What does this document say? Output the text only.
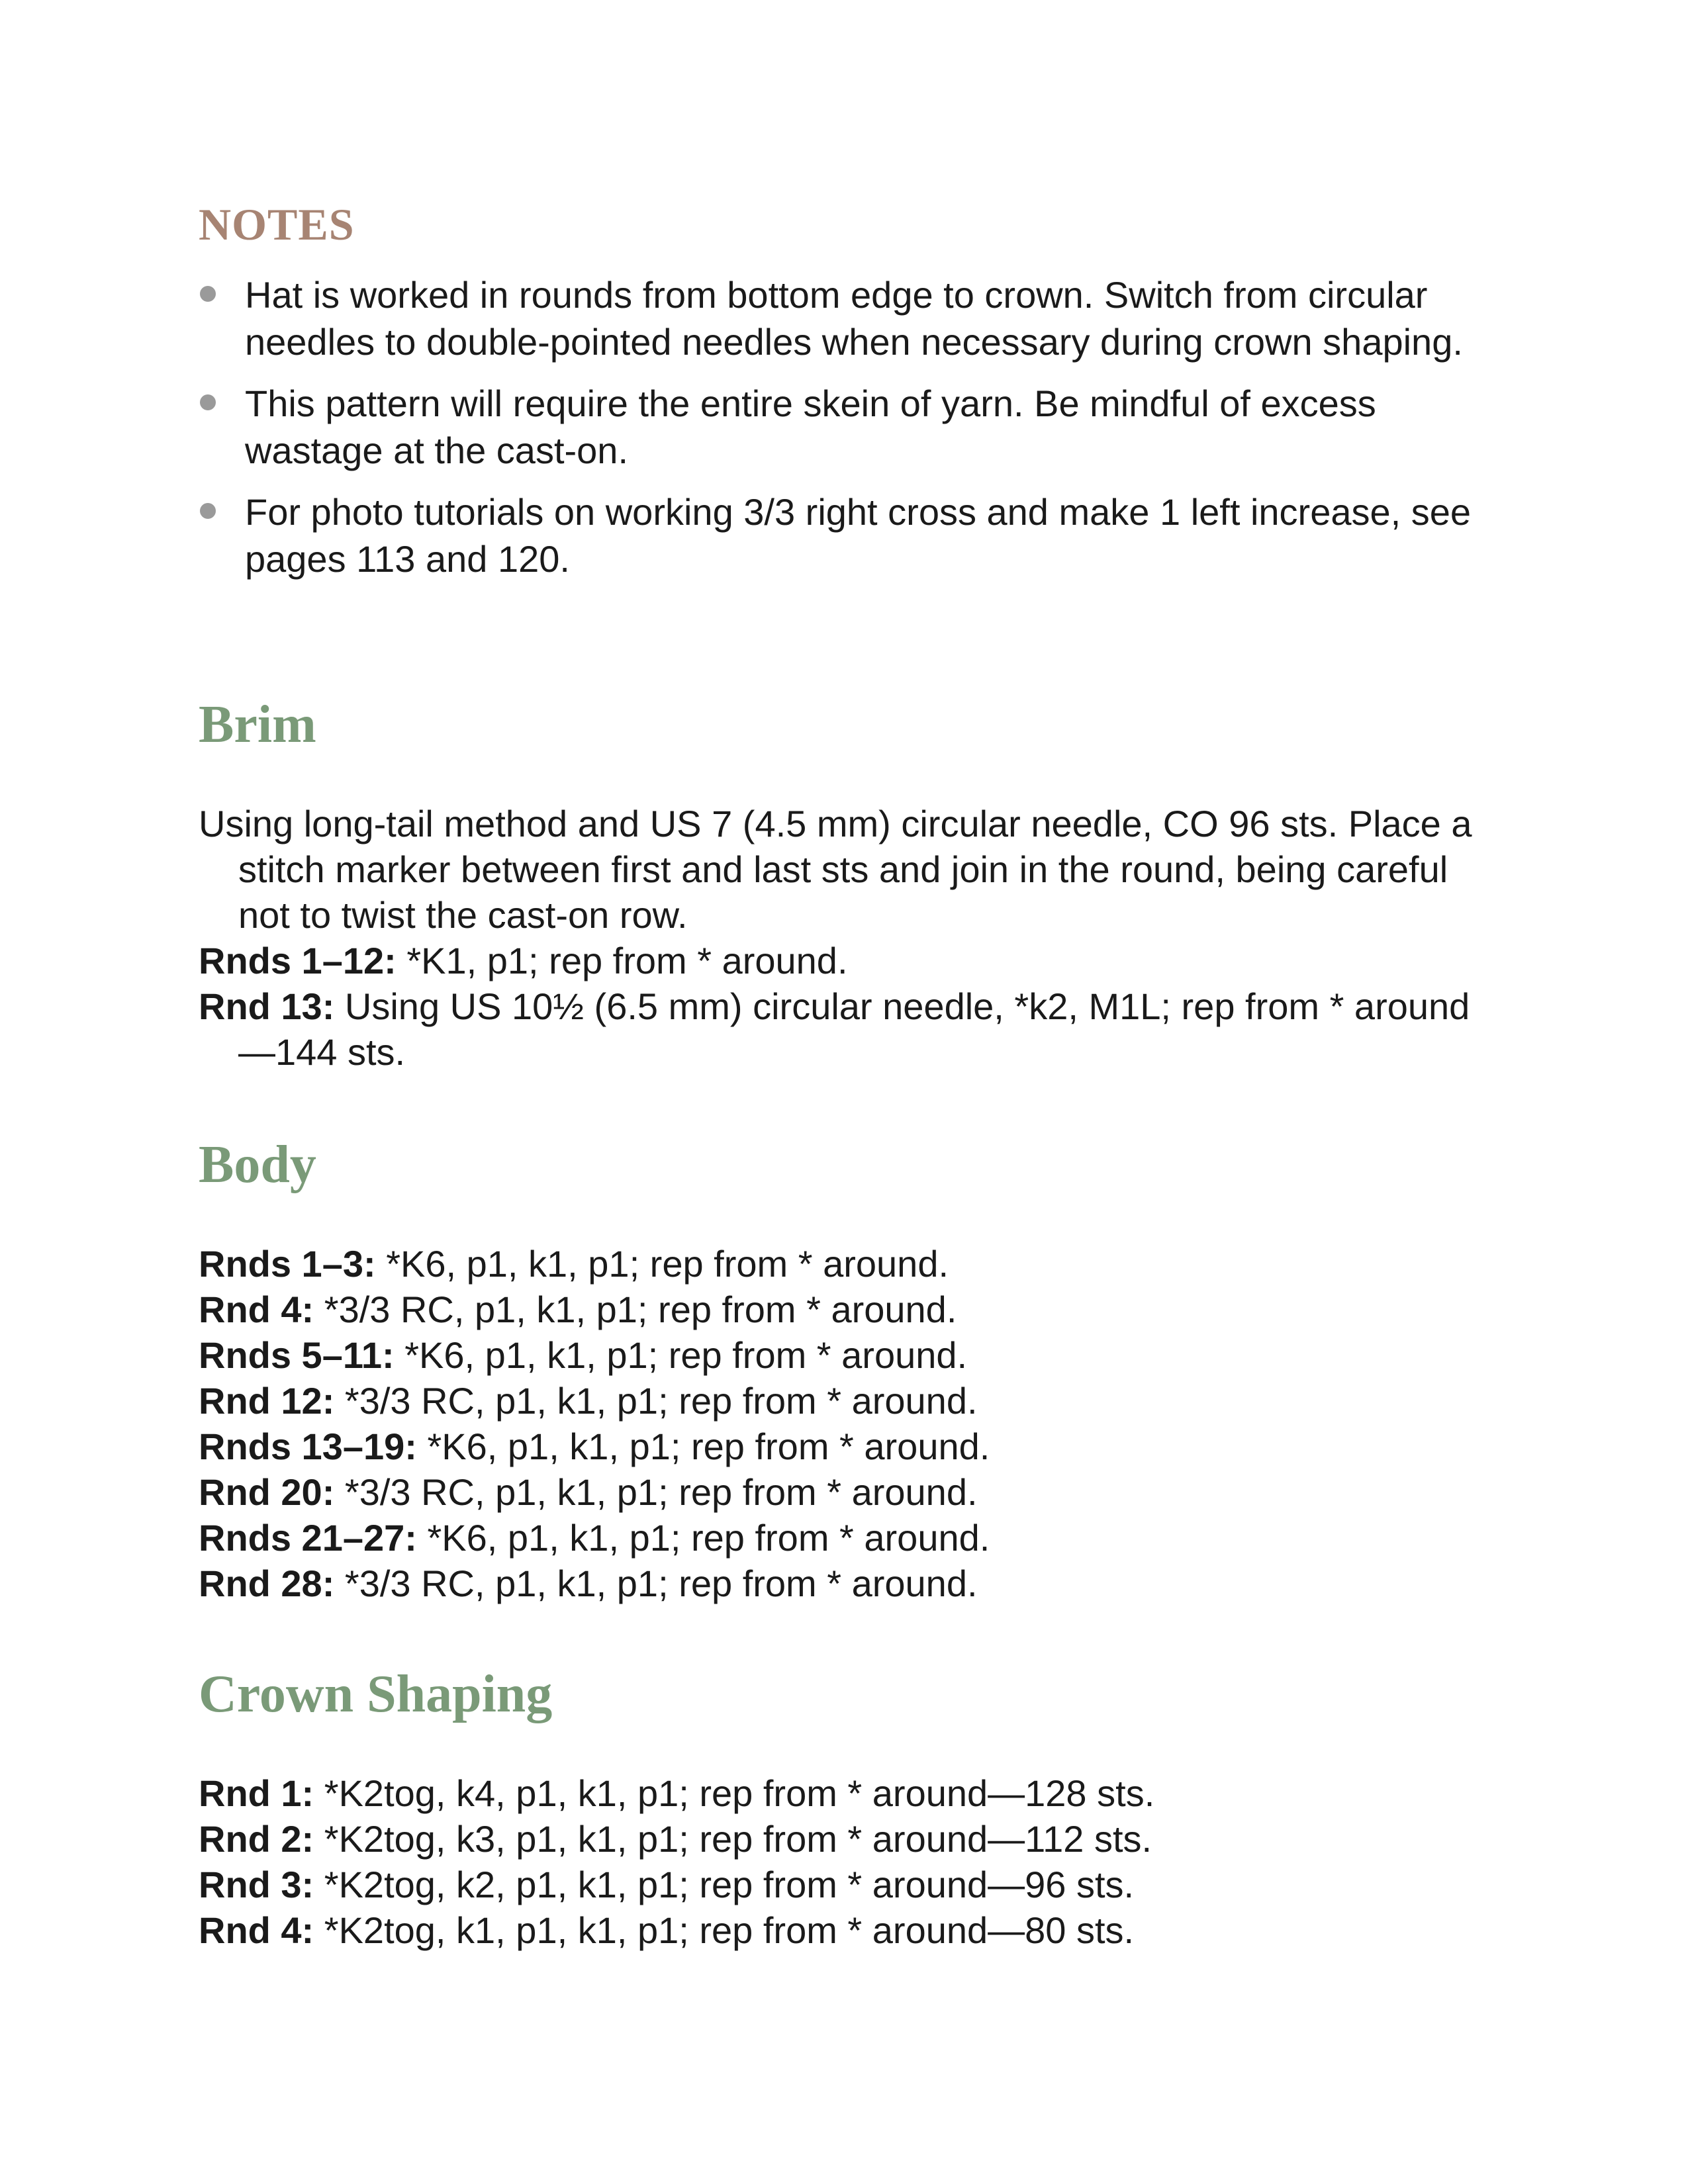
NOTES
Hat is worked in rounds from bottom edge to crown. Switch from circular needles to double-pointed needles when necessary during crown shaping.
This pattern will require the entire skein of yarn. Be mindful of excess wastage at the cast-on.
For photo tutorials on working 3/3 right cross and make 1 left increase, see pages 113 and 120.
Brim

Using long-tail method and US 7 (4.5 mm) circular needle, CO 96 sts. Place a stitch marker between first and last sts and join in the round, being careful not to twist the cast-on row.

Rnds 1–12: *K1, p1; rep from * around.

Rnd 13: Using US 10½ (6.5 mm) circular needle, *k2, M1L; rep from * around—144 sts.

Body

Rnds 1–3: *K6, p1, k1, p1; rep from * around.

Rnd 4: *3/3 RC, p1, k1, p1; rep from * around.

Rnds 5–11: *K6, p1, k1, p1; rep from * around.

Rnd 12: *3/3 RC, p1, k1, p1; rep from * around.

Rnds 13–19: *K6, p1, k1, p1; rep from * around.

Rnd 20: *3/3 RC, p1, k1, p1; rep from * around.

Rnds 21–27: *K6, p1, k1, p1; rep from * around.

Rnd 28: *3/3 RC, p1, k1, p1; rep from * around.

Crown Shaping

Rnd 1: *K2tog, k4, p1, k1, p1; rep from * around—128 sts.

Rnd 2: *K2tog, k3, p1, k1, p1; rep from * around—112 sts.

Rnd 3: *K2tog, k2, p1, k1, p1; rep from * around—96 sts.

Rnd 4: *K2tog, k1, p1, k1, p1; rep from * around—80 sts.
